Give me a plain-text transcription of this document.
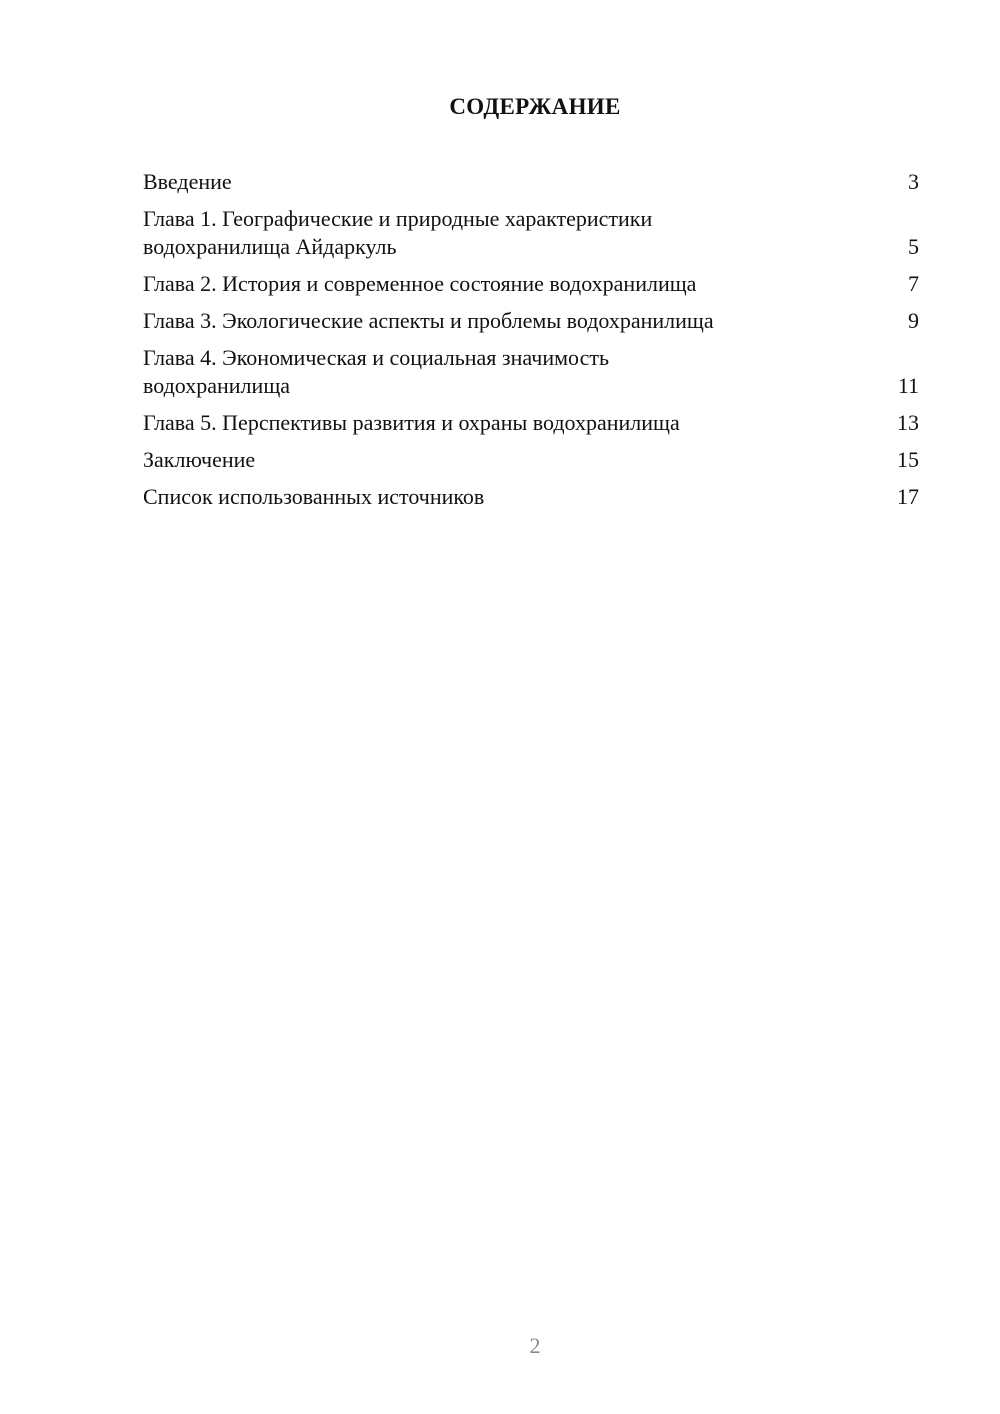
СОДЕРЖАНИЕ
Введение	3
Глава 1. Географические и природные характеристики
водохранилища Айдаркуль	5
Глава 2. История и современное состояние водохранилища	7
Глава 3. Экологические аспекты и проблемы водохранилища	9
Глава 4. Экономическая и социальная значимость
водохранилища	11
Глава 5. Перспективы развития и охраны водохранилища	13
Заключение	15
Список использованных источников	17
2
